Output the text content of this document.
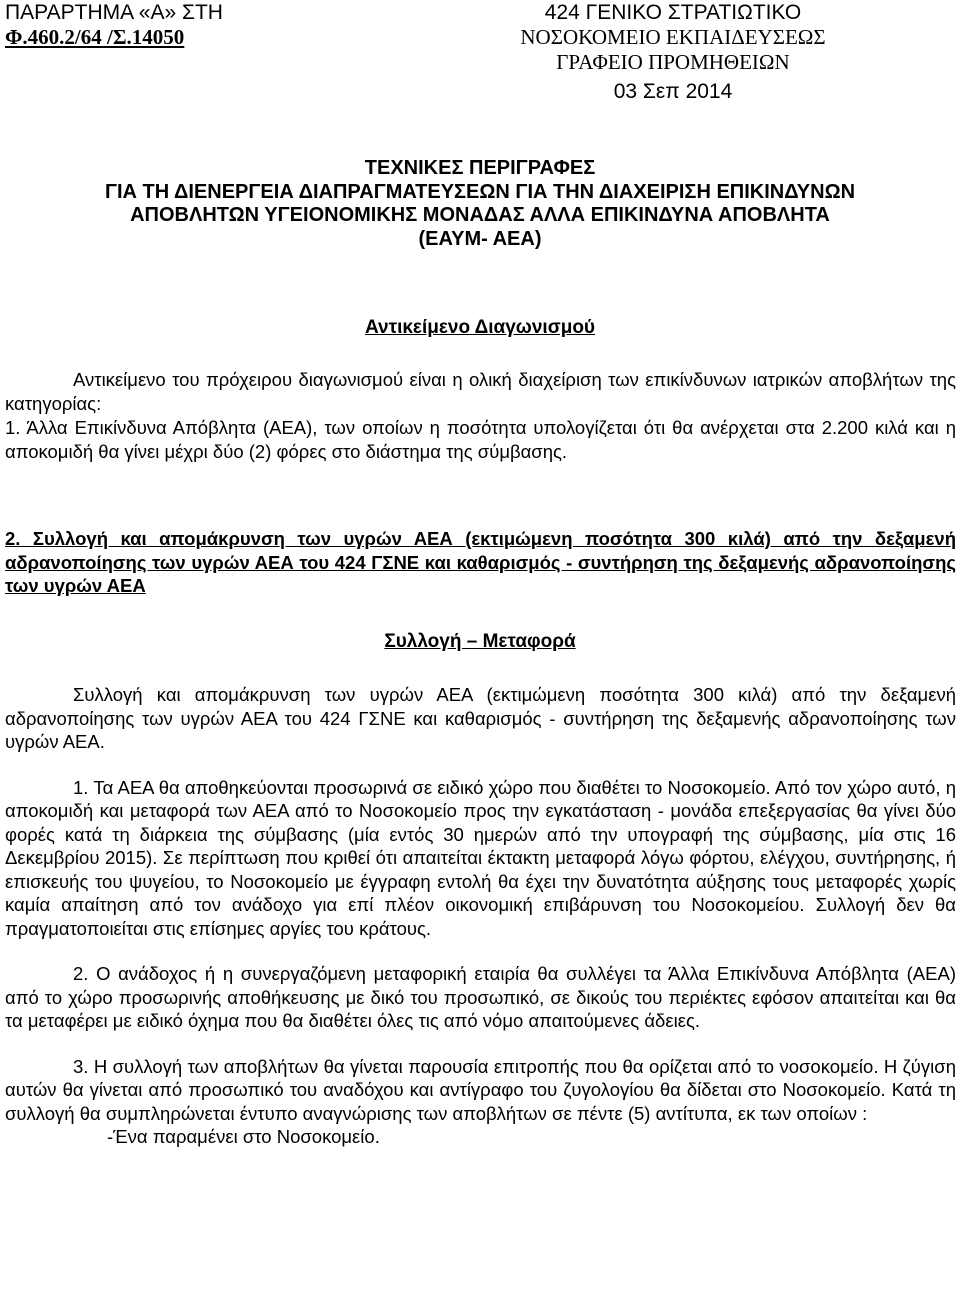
ΠΑΡΑΡΤΗΜΑ «Α» ΣΤΗ
Φ.460.2/64 /Σ.14050
424 ΓΕΝΙΚΟ ΣΤΡΑΤΙΩΤΙΚΟ
ΝΟΣΟΚΟΜΕΙΟ ΕΚΠΑΙΔΕΥΣΕΩΣ
ΓΡΑΦΕΙΟ ΠΡΟΜΗΘΕΙΩΝ
03 Σεπ 2014
ΤΕΧΝΙΚΕΣ ΠΕΡΙΓΡΑΦΕΣ
ΓΙΑ ΤΗ ΔΙΕΝΕΡΓΕΙΑ ΔΙΑΠΡΑΓΜΑΤΕΥΣΕΩΝ ΓΙΑ ΤΗΝ ΔΙΑΧΕΙΡΙΣΗ ΕΠΙΚΙΝΔΥΝΩΝ
ΑΠΟΒΛΗΤΩΝ ΥΓΕΙΟΝΟΜΙΚΗΣ ΜΟΝΑΔΑΣ ΑΛΛΑ ΕΠΙΚΙΝΔΥΝΑ ΑΠΟΒΛΗΤΑ
(ΕΑΥΜ- ΑΕΑ)
Αντικείμενο Διαγωνισμού

Αντικείμενο του πρόχειρου διαγωνισμού είναι η ολική διαχείριση των επικίνδυνων ιατρικών αποβλήτων της κατηγορίας:

1. Άλλα Επικίνδυνα Απόβλητα (ΑΕΑ), των οποίων η ποσότητα υπολογίζεται ότι θα ανέρχεται στα 2.200 κιλά και η αποκομιδή θα γίνει μέχρι δύο (2) φόρες στο διάστημα της σύμβασης.

2. Συλλογή και απομάκρυνση των υγρών ΑΕΑ (εκτιμώμενη ποσότητα 300 κιλά) από την δεξαμενή αδρανοποίησης των υγρών ΑΕΑ του 424 ΓΣΝΕ και καθαρισμός - συντήρηση της δεξαμενής αδρανοποίησης των υγρών ΑΕΑ

Συλλογή – Μεταφορά

Συλλογή και απομάκρυνση των υγρών ΑΕΑ (εκτιμώμενη ποσότητα 300 κιλά) από την δεξαμενή αδρανοποίησης των υγρών ΑΕΑ του 424 ΓΣΝΕ και καθαρισμός - συντήρηση της δεξαμενής αδρανοποίησης των υγρών ΑΕΑ.

1. Τα ΑΕΑ θα αποθηκεύονται προσωρινά σε ειδικό χώρο που διαθέτει το Νοσοκομείο. Από τον χώρο αυτό, η αποκομιδή και μεταφορά των ΑΕΑ από το Νοσοκομείο προς την εγκατάσταση - μονάδα επεξεργασίας θα γίνει δύο φορές κατά τη διάρκεια της σύμβασης (μία εντός 30 ημερών από την υπογραφή της σύμβασης, μία στις 16 Δεκεμβρίου 2015). Σε περίπτωση που κριθεί ότι απαιτείται έκτακτη μεταφορά λόγω φόρτου, ελέγχου, συντήρησης, ή επισκευής του ψυγείου, το Νοσοκομείο με έγγραφη εντολή θα έχει την δυνατότητα αύξησης τους μεταφορές χωρίς καμία απαίτηση από τον ανάδοχο για επί πλέον οικονομική επιβάρυνση του Νοσοκομείου. Συλλογή δεν θα πραγματοποιείται στις επίσημες αργίες του κράτους.

2. Ο ανάδοχος ή η συνεργαζόμενη μεταφορική εταιρία θα συλλέγει τα Άλλα Επικίνδυνα Απόβλητα (ΑΕΑ) από το χώρο προσωρινής αποθήκευσης με δικό του προσωπικό, σε δικούς του περιέκτες εφόσον απαιτείται και θα τα μεταφέρει με ειδικό όχημα που θα διαθέτει όλες τις από νόμο απαιτούμενες άδειες.

3. Η συλλογή των αποβλήτων θα γίνεται παρουσία επιτροπής που θα ορίζεται από το νοσοκομείο. Η ζύγιση αυτών θα γίνεται από προσωπικό του αναδόχου και αντίγραφο του ζυγολογίου θα δίδεται στο Νοσοκομείο. Κατά τη συλλογή θα συμπληρώνεται έντυπο αναγνώρισης των αποβλήτων σε πέντε (5) αντίτυπα, εκ των οποίων :

-Ένα παραμένει στο Νοσοκομείο.
